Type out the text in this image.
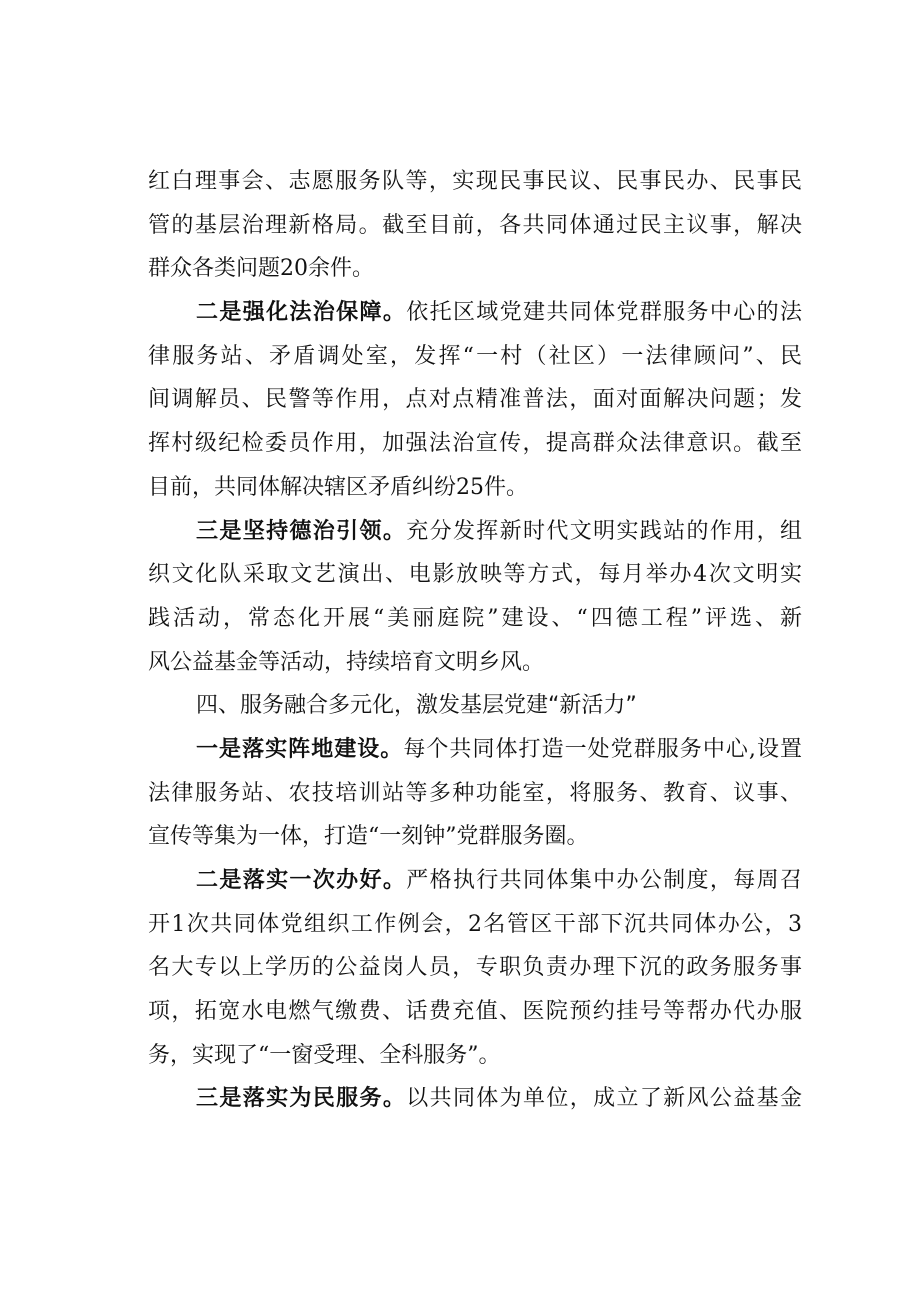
红白理事会、志愿服务队等，实现民事民议、民事民办、民事民
管的基层治理新格局。截至目前，各共同体通过民主议事，解决
群众各类问题20余件。
二是强化法治保障。依托区域党建共同体党群服务中心的法
律服务站、矛盾调处室，发挥“一村（社区）一法律顾问”、民
间调解员、民警等作用，点对点精准普法，面对面解决问题；发
挥村级纪检委员作用，加强法治宣传，提高群众法律意识。截至
目前，共同体解决辖区矛盾纠纷25件。
三是坚持德治引领。充分发挥新时代文明实践站的作用，组
织文化队采取文艺演出、电影放映等方式，每月举办4次文明实
践活动，常态化开展“美丽庭院”建设、“四德工程”评选、新
风公益基金等活动，持续培育文明乡风。
四、服务融合多元化，激发基层党建“新活力”
一是落实阵地建设。每个共同体打造一处党群服务中心,设置
法律服务站、农技培训站等多种功能室，将服务、教育、议事、
宣传等集为一体，打造“一刻钟”党群服务圈。
二是落实一次办好。严格执行共同体集中办公制度，每周召
开1次共同体党组织工作例会，2名管区干部下沉共同体办公，3
名大专以上学历的公益岗人员，专职负责办理下沉的政务服务事
项，拓宽水电燃气缴费、话费充值、医院预约挂号等帮办代办服
务，实现了“一窗受理、全科服务”。
三是落实为民服务。以共同体为单位，成立了新风公益基金
